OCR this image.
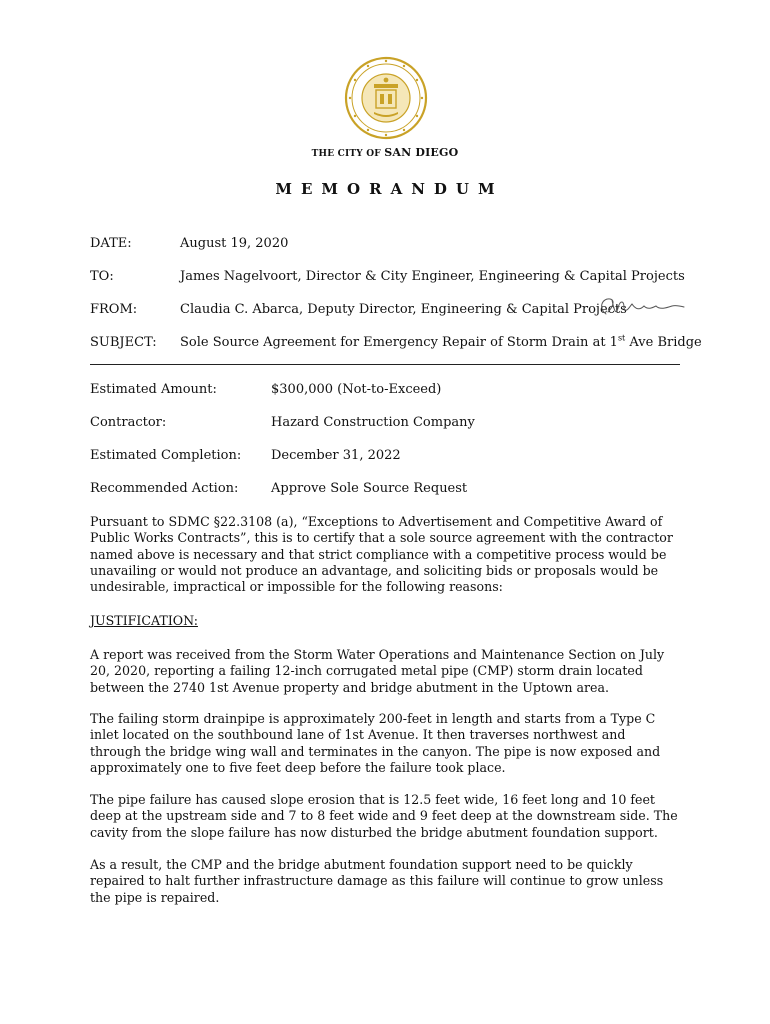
THE CITY OF SAN DIEGO
MEMORANDUM
DATE:	August 19, 2020
TO:	James Nagelvoort, Director & City Engineer, Engineering & Capital Projects
FROM:	Claudia C. Abarca, Deputy Director, Engineering & Capital Projects
SUBJECT: Sole Source Agreement for Emergency Repair of Storm Drain at 1st Ave Bridge
Estimated Amount:	$300,000 (Not-to-Exceed)
Contractor:	Hazard Construction Company
Estimated Completion: December 31, 2022
Recommended Action:	Approve Sole Source Request
Pursuant to SDMC §22.3108 (a), “Exceptions to Advertisement and Competitive Award of Public Works Contracts”, this is to certify that a sole source agreement with the contractor named above is necessary and that strict compliance with a competitive process would be unavailing or would not produce an advantage, and soliciting bids or proposals would be undesirable, impractical or impossible for the following reasons:
JUSTIFICATION:
A report was received from the Storm Water Operations and Maintenance Section on July 20, 2020, reporting a failing 12-inch corrugated metal pipe (CMP) storm drain located between the 2740 1st Avenue property and bridge abutment in the Uptown area.
The failing storm drainpipe is approximately 200-feet in length and starts from a Type C inlet located on the southbound lane of 1st Avenue. It then traverses northwest and through the bridge wing wall and terminates in the canyon. The pipe is now exposed and approximately one to five feet deep before the failure took place.
The pipe failure has caused slope erosion that is 12.5 feet wide, 16 feet long and 10 feet deep at the upstream side and 7 to 8 feet wide and 9 feet deep at the downstream side. The cavity from the slope failure has now disturbed the bridge abutment foundation support.
As a result, the CMP and the bridge abutment foundation support need to be quickly repaired to halt further infrastructure damage as this failure will continue to grow unless the pipe is repaired.
